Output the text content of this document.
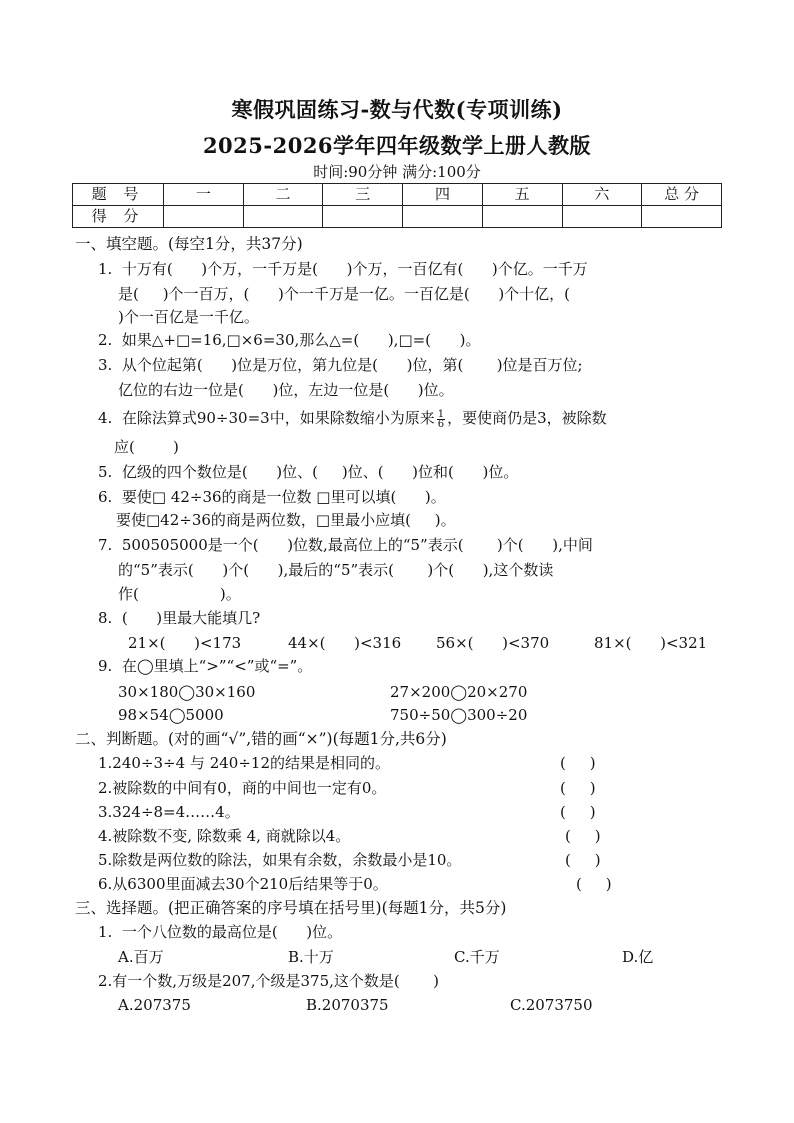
寒假巩固练习-数与代数(专项训练)
2025-2026学年四年级数学上册人教版
时间:90分钟 满分:100分
题 号	一	二	三	四	五	六	总 分
得 分							
一、填空题。(每空1分，共37分)
1.  十万有(      )个万，一千万是(      )个万，一百亿有(      )个亿。一千万
是(     )个一百万，(      )个一千万是一亿。一百亿是(      )个十亿，(
)个一百亿是一千亿。
2.  如果△+□=16,□×6=30,那么△=(      ),□=(      )。
3.  从个位起第(      )位是万位，第九位是(      )位，第(       )位是百万位;
亿位的右边一位是(      )位，左边一位是(      )位。
4.  在除法算式90÷30=3中，如果除数缩小为原来 $\frac{1}{6}$ ，要使商仍是3，被除数
应(        )
5.  亿级的四个数位是(      )位、(     )位、(      )位和(      )位。
6.  要使□ 42÷36的商是一位数 □里可以填(      )。
要使□42÷36的商是两位数，□里最小应填(     )。
7.  500505000是一个(      )位数,最高位上的“5”表示(       )个(      ),中间
的“5”表示(      )个(      ),最后的“5”表示(       )个(      ),这个数读
作(                 )。
8.  (      )里最大能填几?
21×(      )<173	44×(      )<316 56×(      )<370	81×(      )<321
9.  在◯里填上“>”“<”或“=”。
30×180◯30×160	27×200◯20×270
98×54◯5000	750÷50◯300÷20
二、判断题。(对的画“√”,错的画“×”)(每题1分,共6分)
1.240÷3÷4 与 240÷12的结果是相同的。	(     )
2.被除数的中间有0，商的中间也一定有0。	(     )
3.324÷8=4……4。	(     )
4.被除数不变, 除数乘 4, 商就除以4。	(     )
5.除数是两位数的除法，如果有余数，余数最小是10。	(     )
6.从6300里面减去30个210后结果等于0。	(     )
三、选择题。(把正确答案的序号填在括号里)(每题1分，共5分)
1.  一个八位数的最高位是(      )位。
A.百万	B.十万	C.千万	D.亿
2.有一个数,万级是207,个级是375,这个数是(       )
A.207375	B.2070375	C.2073750
